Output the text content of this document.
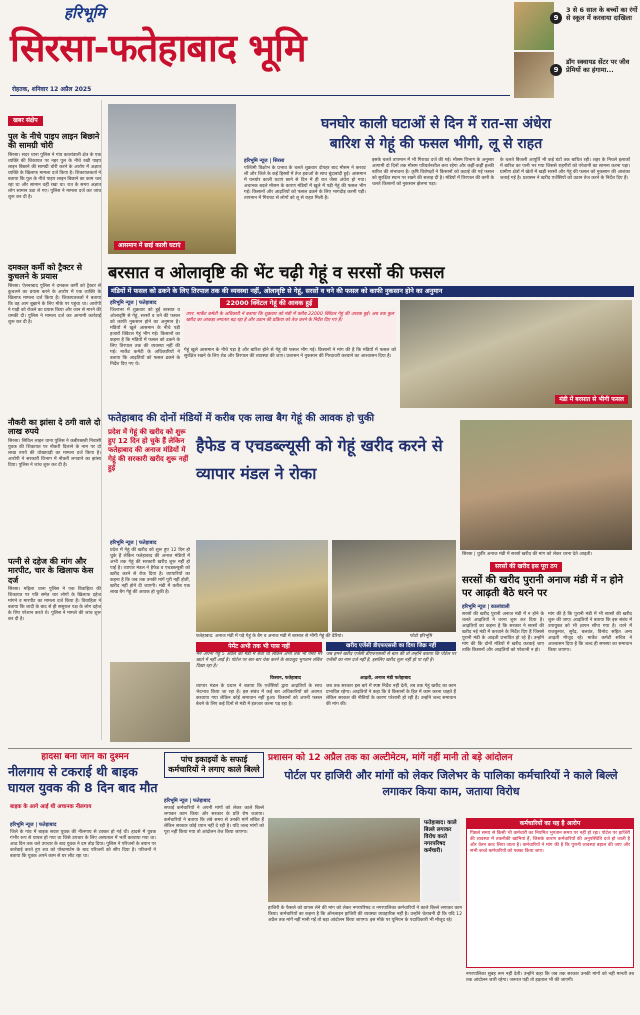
हरिभूमि
सिरसा-फतेहाबाद भूमि
रोहतक, शनिवार 12 अप्रैल 2025
9
3 से 6 साल के बच्चों का रंगों से स्कूल में करवाया दाखिला
9
डॉग स्क्वायड सेंटर पर जीव प्रेमियों का हंगामा...
खबर संक्षेप
पुल के नीचे पाइप लाइन बिछाने की सामग्री चोरी
सिरसा। सदर थाना पुलिस ने गांव कालांवाली क्षेत्र के एक व्यक्ति की शिकायत पर नहर पुल के नीचे रखी पाइप लाइन बिछाने की सामग्री चोरी करने के आरोप में अज्ञात व्यक्ति के खिलाफ मामला दर्ज किया है। शिकायतकर्ता ने बताया कि पुल के नीचे पाइप लाइन बिछाने का काम चल रहा था और सामान वहीं रखा था। रात के समय अज्ञात लोग सामान उठा ले गए। पुलिस ने मामला दर्ज कर जांच शुरू कर दी है।
दमकल कर्मी को ट्रैक्टर से कुचलने के प्रयास
सिरसा। ऐलनाबाद पुलिस ने दमकल कर्मी को ट्रैक्टर से कुचलने का प्रयास करने के आरोप में एक व्यक्ति के खिलाफ मामला दर्ज किया है। शिकायतकर्ता ने बताया कि वह आग बुझाने के लिए मौके पर पहुंचा था। आरोपी ने गाड़ी को रोकने का प्रयास किया और जान से मारने की धमकी दी। पुलिस ने मामला दर्ज कर आगामी कार्रवाई शुरू कर दी है।
नौकरी का झांसा दे ठगी वाले दो लाख रुपये
सिरसा। सिविल लाइन थाना पुलिस ने कबीरबस्ती निवासी युवक की शिकायत पर नौकरी दिलाने के नाम पर दो लाख रुपये की धोखाधड़ी का मामला दर्ज किया है। आरोपी ने सरकारी विभाग में नौकरी लगवाने का झांसा दिया। पुलिस ने जांच शुरू कर दी है।
पत्नी से दहेज की मांग और मारपीट, चार के खिलाफ केस दर्ज
सिरसा। महिला थाना पुलिस ने एक विवाहिता की शिकायत पर पति समेत चार लोगों के खिलाफ दहेज मांगने व मारपीट का मामला दर्ज किया है। विवाहिता ने बताया कि शादी के बाद से ही ससुराल पक्ष के लोग दहेज के लिए परेशान करते थे। पुलिस ने मामले की जांच शुरू कर दी है।
घनघोर काली घटाओं से दिन में रात-सा अंधेरा
बारिश से गेहूं की फसल भीगी, लू से राहत
आसमान में छाई काली घटाएं
हरिभूमि न्यूज | सिरसा
पश्चिमी विक्षोभ के प्रभाव के चलते शुक्रवार दोपहर बाद मौसम ने करवट ली और जिले के कई हिस्सों में तेज हवाओं के साथ बूंदाबांदी हुई। आसमान में घनघोर काली घटाएं छाने से दिन में ही रात जैसा अंधेरा हो गया। अचानक बदले मौसम के कारण मंडियों में खुले में पड़ी गेहूं की फसल भीग गई। किसानों और आढ़तियों को फसल ढकने के लिए भागदौड़ करनी पड़ी। तापमान में गिरावट से लोगों को लू से राहत मिली है।
इसके चलते तापमान में भी गिरावट दर्ज की गई। मौसम विभाग के अनुसार आगामी दो दिनों तक मौसम परिवर्तनशील बना रहेगा और कहीं-कहीं हल्की बारिश की संभावना है। कृषि विशेषज्ञों ने किसानों को कटाई की गई फसल को सुरक्षित स्थान पर रखने की सलाह दी है। मंडियों में तिरपाल की कमी के चलते किसानों को नुकसान झेलना पड़ा।
के चलते बिजली आपूर्ति भी कई घंटों तक बाधित रही। शहर के निचले इलाकों में बारिश का पानी भर गया जिससे राहगीरों को परेशानी का सामना करना पड़ा। ग्रामीण क्षेत्रों में खेतों में खड़ी सरसों और गेहूं की फसल को नुकसान की आशंका जताई गई है। प्रशासन ने खरीद एजेंसियों को उठान तेज करने के निर्देश दिए हैं।
बरसात व ओलावृष्टि की भेंट चढ़ी गेहूं व सरसों की फसल
मंडियों में फसल को ढकने के लिए तिरपाल तक की व्यवस्था नहीं, ओलावृष्टि से गेहूं, सरसों व चने की फसल को काफी नुकसान होने का अनुमान
हरिभूमि न्यूज | फतेहाबाद
जिलाभर में शुक्रवार को हुई बरसात व ओलावृष्टि से गेहूं, सरसों व चने की फसल को काफी नुकसान होने का अनुमान है। मंडियों में खुले आसमान के नीचे पड़ी हजारों क्विंटल गेहूं भीग गई। किसानों का कहना है कि मंडियों में फसल को ढकने के लिए तिरपाल तक की व्यवस्था नहीं की गई। मार्केट कमेटी के अधिकारियों ने बताया कि आढ़तियों को फसल ढकने के निर्देश दिए गए थे।
22000 क्विंटल गेहूं की आवक हुई
उपर: मार्केट कमेटी के अधिकारी ने बताया कि शुक्रवार को मंडी में करीब 22000 क्विंटल गेहूं की आवक हुई। अब तक कुल खरीद का आंकड़ा लगातार बढ़ रहा है और उठान की प्रक्रिया को तेज करने के निर्देश दिए गए हैं।
गेहूं खुले आसमान के नीचे पड़ा है और बारिश होने से गेहूं की फसल भीग गई। किसानों ने मांग की है कि मंडियों में फसल को सुरक्षित रखने के लिए शेड और तिरपाल की व्यवस्था की जाए। प्रशासन ने नुकसान की गिरदावरी करवाने का आश्वासन दिया है।
मंडी में बरसात से भीगी फसल
फतेहाबाद की दोनों मंडियों में करीब एक लाख बैग गेहूं की आवक हो चुकी
प्रदेश में गेहूं की खरीद को शुरू हुए 12 दिन हो चुके हैं लेकिन फतेहाबाद की अनाज मंडियों में गेहूं की सरकारी खरीद शुरू नहीं हुई
हैफेड व एचडब्ल्यूसी को गेहूं खरीद करने से व्यापार मंडल ने रोका
सिरसा | धुर्वीर अनाज मंडी में सरसों खरीद की मांग को लेकर धरना देते आढ़ती।
हरिभूमि न्यूज | फतेहाबाद
प्रदेश में गेहूं की खरीद को शुरू हुए 12 दिन हो चुके हैं लेकिन फतेहाबाद की अनाज मंडियों में अभी तक गेहूं की सरकारी खरीद शुरू नहीं हो पाई है। व्यापार मंडल ने हैफेड व एचडब्ल्यूसी को खरीद करने से रोक दिया है। व्यापारियों का कहना है कि जब तक उनकी मांगें पूरी नहीं होतीं, खरीद नहीं होने दी जाएगी। मंडी में करीब एक लाख बैग गेहूं की आवक हो चुकी है।
फतेहाबाद: अनाज मंडी में पड़े गेहूं के बैग व अनाज मंडी में बरसात से भीगी गेहूं की ढेरियां।	फोटो हरिभूमि
पेमेंट अभी तक भी पास नहीं
मैंने अपना गेहूं 5 अप्रैल को मंडी में बेचा था लेकिन अभी तक भी पेमेंट मेरे खाते में नहीं आई है। पोर्टल पर बार-बार चेक करने के बावजूद भुगतान लंबित दिखा रहा है।
किसान, फतेहाबाद
खरीद एजेंसी डीएफएससी का दिया जिक्र नहीं
जब हमने खरीद एजेंसी डीएफएससी से बात की तो उन्होंने बताया कि पोर्टल पर एजेंसी का नाम दर्ज नहीं है, इसलिए खरीद शुरू नहीं हो पा रही है।
आढ़ती, अनाज मंडी फतेहाबाद
व्यापार मंडल के प्रधान ने बताया कि एजेंसियों द्वारा आढ़तियों के साथ भेदभाव किया जा रहा है। इस संबंध में कई बार अधिकारियों को अवगत करवाया गया लेकिन कोई समाधान नहीं हुआ। किसानों को अपनी फसल बेचने के लिए कई दिनों से मंडी में इंतजार करना पड़ रहा है।
जब तक सरकार इस बारे में स्पष्ट निर्देश नहीं देती, तब तक गेहूं खरीद का काम प्रभावित रहेगा। आढ़तियों ने कहा कि वे किसानों के हित में काम करना चाहते हैं लेकिन सरकार की नीतियों के कारण परेशानी हो रही है। उन्होंने जल्द समाधान की मांग की।
सरसों की खरीद इस पूरा ठप
सरसों की खरीद पुरानी अनाज मंडी में न होने पर आढ़ती बैठे धरने पर
हरिभूमि न्यूज | कालांवाली
सरसों की खरीद पुरानी अनाज मंडी में न होने के चलते आढ़तियों ने धरना शुरू कर दिया है। आढ़तियों का कहना है कि सरकार ने सरसों की खरीद नई मंडी में करवाने के निर्देश दिए हैं जिससे पुरानी मंडी के आढ़ती प्रभावित हो रहे हैं। उन्होंने मांग की कि दोनों मंडियों में खरीद करवाई जाए ताकि किसानों और आढ़तियों को परेशानी न हो।
मांग की है कि पुरानी मंडी में भी सरसों की खरीद शुरू की जाए। आढ़तियों ने बताया कि इस संबंध में उपायुक्त को भी ज्ञापन सौंपा गया है। धरने में राजकुमार, सुरेंद्र, बलवंत, विनोद सहित अन्य आढ़ती मौजूद रहे। मार्केट कमेटी सचिव ने आश्वासन दिया है कि जल्द ही समस्या का समाधान किया जाएगा।
हादसा बना जान का दुश्मन
नीलगाय से टकराई थी बाइक घायल युवक की 8 दिन बाद मौत
बाइक के आगे आई थी अचानक नीलगाय
हरिभूमि न्यूज | फतेहाबाद
जिले के गांव में बाइक सवार युवक की नीलगाय से टक्कर हो गई थी। हादसे में युवक गंभीर रूप से घायल हो गया था जिसे उपचार के लिए अस्पताल में भर्ती करवाया गया था। आठ दिन तक चले उपचार के बाद युवक ने दम तोड़ दिया। पुलिस ने परिजनों के बयान पर कार्रवाई करते हुए शव को पोस्टमार्टम के बाद परिजनों को सौंप दिया है। परिजनों ने बताया कि युवक अपने काम से घर लौट रहा था।
पांच इकाइयों के सफाई कर्मचारियों ने लगाए काले बिल्ले
हरिभूमि न्यूज | फतेहाबाद
सफाई कर्मचारियों ने अपनी मांगों को लेकर काले बिल्ले लगाकर काम किया और सरकार के प्रति रोष जताया। कर्मचारियों ने बताया कि लंबे समय से उनकी मांगें लंबित हैं लेकिन सरकार कोई ध्यान नहीं दे रही है। यदि जल्द मांगों को पूरा नहीं किया गया तो आंदोलन तेज किया जाएगा।
प्रशासन को 12 अप्रैल तक का अल्टीमेटम, मांगें नहीं मानी तो बड़े आंदोलन
पोर्टल पर हाजिरी और मांगों को लेकर जिलेभर के पालिका कर्मचारियों ने काले बिल्ले लगाकर किया काम, जताया विरोध
फतेहाबाद। काले बिल्ले लगाकर विरोध करते नगरपरिषद कर्मचारी।
हाजिरी के फैसले को वापस लेने की मांग को लेकर नगरपरिषद व नगरपालिका कर्मचारियों ने काले बिल्ले लगाकर काम किया। कर्मचारियों का कहना है कि ऑनलाइन हाजिरी की व्यवस्था व्यवहारिक नहीं है। उन्होंने चेतावनी दी कि यदि 12 अप्रैल तक मांगें नहीं मानी गईं तो बड़ा आंदोलन किया जाएगा। इस मौके पर यूनियन के पदाधिकारी भी मौजूद रहे।
कर्मचारियों का यह है आरोप
पिछले समय से किसी भी कर्मचारी का नियमित भुगतान समय पर नहीं हो रहा। पोर्टल पर हाजिरी की व्यवस्था में तकनीकी खामियां हैं, जिसके कारण कर्मचारियों की अनुपस्थिति दर्ज हो जाती है और वेतन काट लिया जाता है। कर्मचारियों ने मांग की है कि पुरानी व्यवस्था बहाल की जाए और सभी कच्चे कर्मचारियों को पक्का किया जाए।
नगरपालिका सुबह रूम नहीं देती। उन्होंने कहा कि जब तक सरकार उनकी मांगों को नहीं मानती तब तक आंदोलन जारी रहेगा। जरूरत पड़ी तो हड़ताल भी की जाएगी।
